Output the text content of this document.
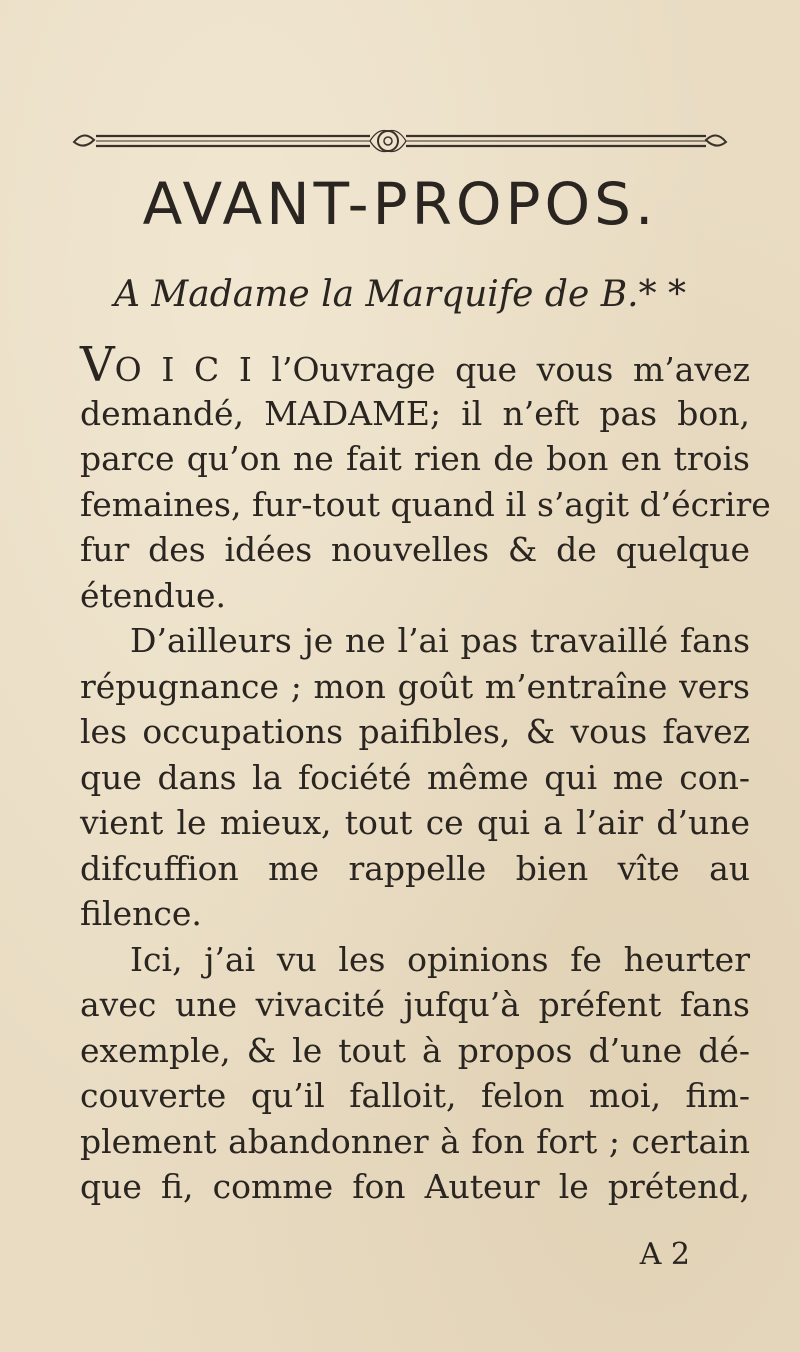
AVANT-PROPOS.
A Madame la Marquife de B.* *
VO I C I l’Ouvrage que vous m’avez
demandé, MADAME; il n’eft pas bon,
parce qu’on ne fait rien de bon en trois
femaines, fur-tout quand il s’agit d’écrire
fur des idées nouvelles & de quelque
étendue.
D’ailleurs je ne l’ai pas travaillé fans
répugnance ; mon goût m’entraîne vers
les occupations paifibles, & vous favez
que dans la fociété même qui me con-
vient le mieux, tout ce qui a l’air d’une
difcuffion me rappelle bien vîte au
filence.
Ici, j’ai vu les opinions fe heurter
avec une vivacité jufqu’à préfent fans
exemple, & le tout à propos d’une dé-
couverte qu’il falloit, felon moi, fim-
plement abandonner à fon fort ; certain
que fi, comme fon Auteur le prétend,
A 2
